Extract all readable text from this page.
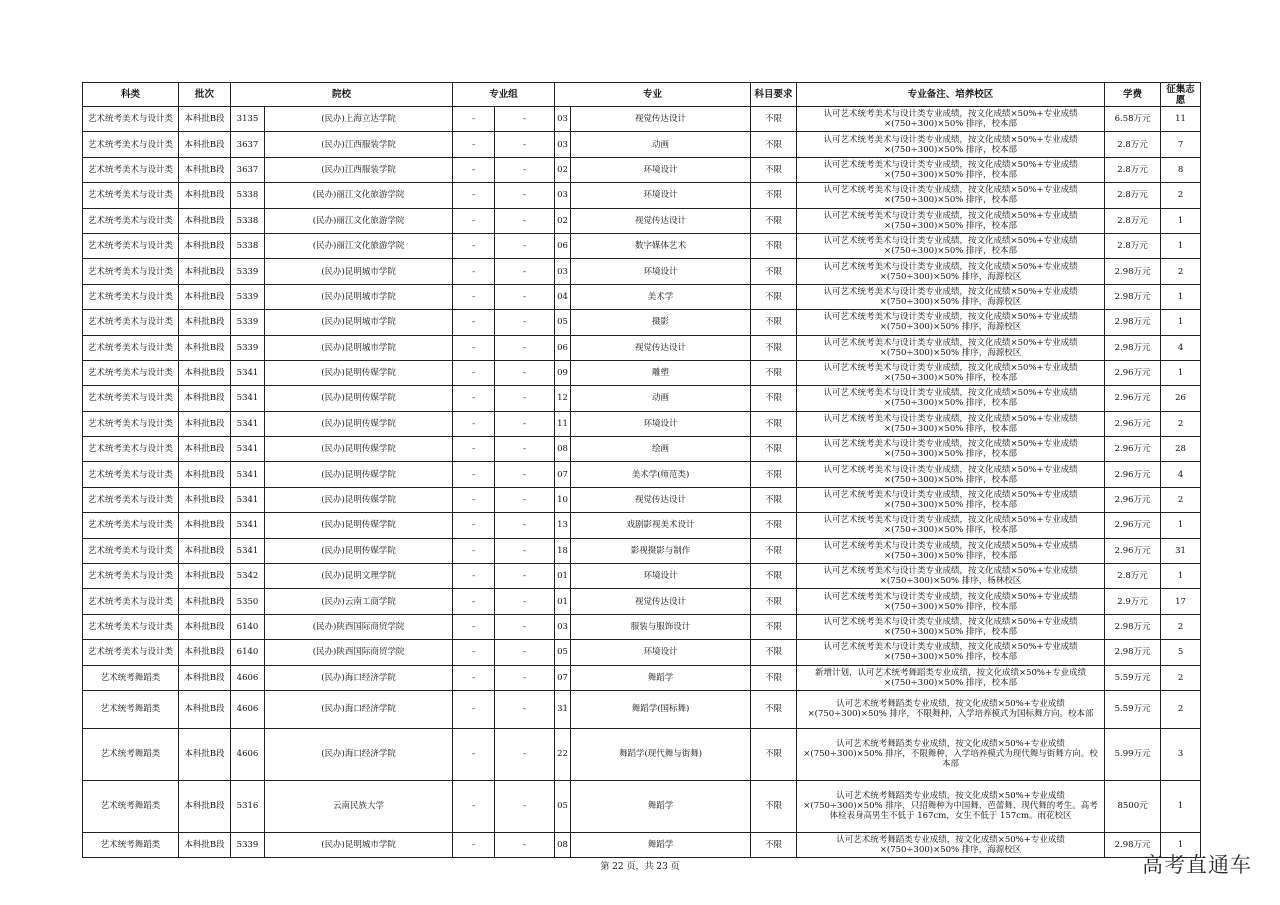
科类	批次	院校		专业组		专业		科目要求	专业备注、培养校区	学费	征集志愿
艺术统考美术与设计类	本科批B段	3135	(民办)上海立达学院	-	-	03	视觉传达设计	不限	认可艺术统考美术与设计类专业成绩，按文化成绩×50%+专业成绩×(750÷300)×50% 排序，校本部	6.58万元	11
艺术统考美术与设计类	本科批B段	3637	(民办)江西服装学院	-	-	03	动画	不限	认可艺术统考美术与设计类专业成绩，按文化成绩×50%+专业成绩×(750÷300)×50% 排序，校本部	2.8万元	7
艺术统考美术与设计类	本科批B段	3637	(民办)江西服装学院	-	-	02	环境设计	不限	认可艺术统考美术与设计类专业成绩，按文化成绩×50%+专业成绩×(750÷300)×50% 排序，校本部	2.8万元	8
艺术统考美术与设计类	本科批B段	5338	(民办)丽江文化旅游学院	-	-	03	环境设计	不限	认可艺术统考美术与设计类专业成绩，按文化成绩×50%+专业成绩×(750÷300)×50% 排序，校本部	2.8万元	2
艺术统考美术与设计类	本科批B段	5338	(民办)丽江文化旅游学院	-	-	02	视觉传达设计	不限	认可艺术统考美术与设计类专业成绩，按文化成绩×50%+专业成绩×(750÷300)×50% 排序，校本部	2.8万元	1
艺术统考美术与设计类	本科批B段	5338	(民办)丽江文化旅游学院	-	-	06	数字媒体艺术	不限	认可艺术统考美术与设计类专业成绩，按文化成绩×50%+专业成绩×(750÷300)×50% 排序，校本部	2.8万元	1
艺术统考美术与设计类	本科批B段	5339	(民办)昆明城市学院	-	-	03	环境设计	不限	认可艺术统考美术与设计类专业成绩，按文化成绩×50%+专业成绩×(750÷300)×50% 排序，海源校区	2.98万元	2
艺术统考美术与设计类	本科批B段	5339	(民办)昆明城市学院	-	-	04	美术学	不限	认可艺术统考美术与设计类专业成绩，按文化成绩×50%+专业成绩×(750÷300)×50% 排序，海源校区	2.98万元	1
艺术统考美术与设计类	本科批B段	5339	(民办)昆明城市学院	-	-	05	摄影	不限	认可艺术统考美术与设计类专业成绩，按文化成绩×50%+专业成绩×(750÷300)×50% 排序，海源校区	2.98万元	1
艺术统考美术与设计类	本科批B段	5339	(民办)昆明城市学院	-	-	06	视觉传达设计	不限	认可艺术统考美术与设计类专业成绩，按文化成绩×50%+专业成绩×(750÷300)×50% 排序，海源校区	2.98万元	4
艺术统考美术与设计类	本科批B段	5341	(民办)昆明传媒学院	-	-	09	雕塑	不限	认可艺术统考美术与设计类专业成绩，按文化成绩×50%+专业成绩×(750÷300)×50% 排序，校本部	2.96万元	1
艺术统考美术与设计类	本科批B段	5341	(民办)昆明传媒学院	-	-	12	动画	不限	认可艺术统考美术与设计类专业成绩，按文化成绩×50%+专业成绩×(750÷300)×50% 排序，校本部	2.96万元	26
艺术统考美术与设计类	本科批B段	5341	(民办)昆明传媒学院	-	-	11	环境设计	不限	认可艺术统考美术与设计类专业成绩，按文化成绩×50%+专业成绩×(750÷300)×50% 排序，校本部	2.96万元	2
艺术统考美术与设计类	本科批B段	5341	(民办)昆明传媒学院	-	-	08	绘画	不限	认可艺术统考美术与设计类专业成绩，按文化成绩×50%+专业成绩×(750÷300)×50% 排序，校本部	2.96万元	28
艺术统考美术与设计类	本科批B段	5341	(民办)昆明传媒学院	-	-	07	美术学(师范类)	不限	认可艺术统考美术与设计类专业成绩，按文化成绩×50%+专业成绩×(750÷300)×50% 排序，校本部	2.96万元	4
艺术统考美术与设计类	本科批B段	5341	(民办)昆明传媒学院	-	-	10	视觉传达设计	不限	认可艺术统考美术与设计类专业成绩，按文化成绩×50%+专业成绩×(750÷300)×50% 排序，校本部	2.96万元	2
艺术统考美术与设计类	本科批B段	5341	(民办)昆明传媒学院	-	-	13	戏剧影视美术设计	不限	认可艺术统考美术与设计类专业成绩，按文化成绩×50%+专业成绩×(750÷300)×50% 排序，校本部	2.96万元	1
艺术统考美术与设计类	本科批B段	5341	(民办)昆明传媒学院	-	-	18	影视摄影与制作	不限	认可艺术统考美术与设计类专业成绩，按文化成绩×50%+专业成绩×(750÷300)×50% 排序，校本部	2.96万元	31
艺术统考美术与设计类	本科批B段	5342	(民办)昆明文理学院	-	-	01	环境设计	不限	认可艺术统考美术与设计类专业成绩，按文化成绩×50%+专业成绩×(750÷300)×50% 排序，杨林校区	2.8万元	1
艺术统考美术与设计类	本科批B段	5350	(民办)云南工商学院	-	-	01	视觉传达设计	不限	认可艺术统考美术与设计类专业成绩，按文化成绩×50%+专业成绩×(750÷300)×50% 排序，校本部	2.9万元	17
艺术统考美术与设计类	本科批B段	6140	(民办)陕西国际商贸学院	-	-	03	服装与服饰设计	不限	认可艺术统考美术与设计类专业成绩，按文化成绩×50%+专业成绩×(750÷300)×50% 排序，校本部	2.98万元	2
艺术统考美术与设计类	本科批B段	6140	(民办)陕西国际商贸学院	-	-	05	环境设计	不限	认可艺术统考美术与设计类专业成绩，按文化成绩×50%+专业成绩×(750÷300)×50% 排序，校本部	2.98万元	5
艺术统考舞蹈类	本科批B段	4606	(民办)海口经济学院	-	-	07	舞蹈学	不限	新增计划，认可艺术统考舞蹈类专业成绩，按文化成绩×50%+专业成绩×(750÷300)×50% 排序，校本部	5.59万元	2
艺术统考舞蹈类	本科批B段	4606	(民办)海口经济学院	-	-	31	舞蹈学(国标舞)	不限	认可艺术统考舞蹈类专业成绩，按文化成绩×50%+专业成绩×(750÷300)×50% 排序，不限舞种，入学培养模式为国标舞方向。校本部	5.59万元	2
艺术统考舞蹈类	本科批B段	4606	(民办)海口经济学院	-	-	22	舞蹈学(现代舞与街舞)	不限	认可艺术统考舞蹈类专业成绩，按文化成绩×50%+专业成绩×(750÷300)×50% 排序，不限舞种，入学培养模式为现代舞与街舞方向。校本部	5.99万元	3
艺术统考舞蹈类	本科批B段	5316	云南民族大学	-	-	05	舞蹈学	不限	认可艺术统考舞蹈类专业成绩，按文化成绩×50%+专业成绩×(750÷300)×50% 排序，只招舞种为中国舞、芭蕾舞、现代舞的考生。高考体检表身高男生不低于 167cm，女生不低于 157cm。雨花校区	8500元	1
艺术统考舞蹈类	本科批B段	5339	(民办)昆明城市学院	-	-	08	舞蹈学	不限	认可艺术统考舞蹈类专业成绩，按文化成绩×50%+专业成绩×(750÷300)×50% 排序，海源校区	2.98万元	1
第 22 页，共 23 页	高考直通车
